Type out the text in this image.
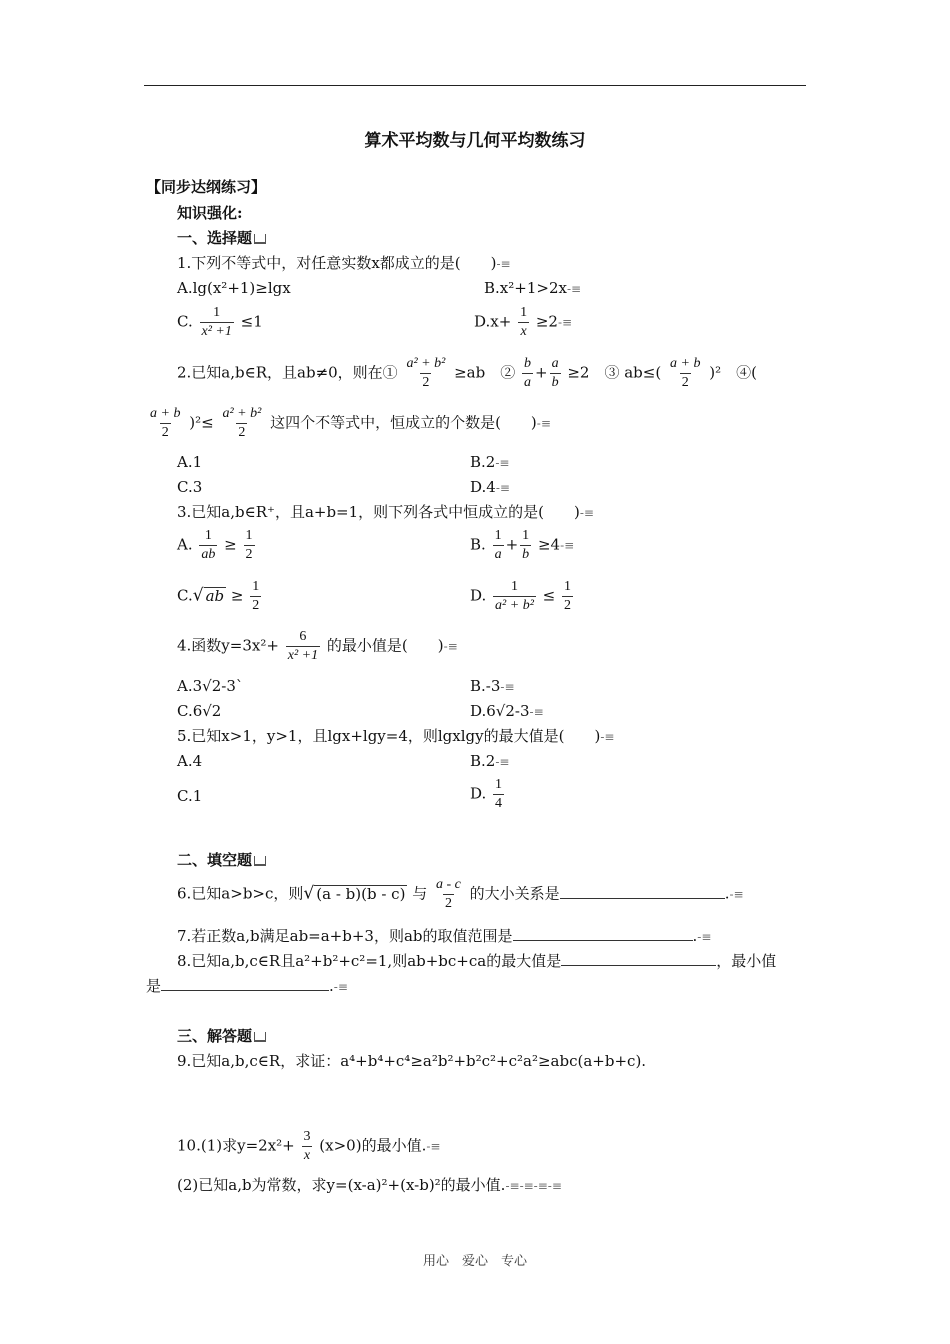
算术平均数与几何平均数练习
【同步达纲练习】
知识强化:
一、选择题
1.下列不等式中，对任意实数x都成立的是(　　)-≡
A.lg(x²+1)≥lgx	B.x²+1>2x-≡
C. $\frac{1}{\text{x² +1}} \le 1$	$D.x+ \frac{1}{x} \ge 2-\equiv$
2.已知a,b∈R，且ab≠0，则在① $\frac{\text{a² + b²}}{2} \ge ab$　② $\frac{b}{a} + \frac{a}{b} \ge 2$　③ $ab\le( \frac{a + b}{2} )^2$　④(
$\frac{a + b}{2} )^2\le \frac{\text{a² + b²}}{2}$ 这四个不等式中，恒成立的个数是(　　)-≡
A.1	B.2-≡
C.3	D.4-≡
3.已知a,b∈R⁺，且a+b=1，则下列各式中恒成立的是(　　)-≡
A. $\frac{1}{ab} \ge \frac{1}{2}$	B. $\frac{1}{a} + \frac{1}{b} \ge 4-\equiv$
C.√ ab ≥ $\frac{1}{2}$	D. $\frac{1}{\text{a² + b²}} \le \frac{1}{2}$
4.函数$y=3x^2+ \frac{6}{\text{x² +1}}$ 的最小值是(　　)-≡
A.3√2-3`	B.-3-≡
C.6√2	D.6√2-3-≡
5.已知x>1，y>1，且lgx+lgy=4，则lgxlgy的最大值是(　　)-≡
A.4	B.2-≡
C.1	D. $\frac{1}{4}$
二、填空题
6.已知a>b>c，则√ (a - b)(b - c) 与 $\frac{a - c}{2}$ 的大小关系是	.-≡
7.若正数a,b满足ab=a+b+3，则ab的取值范围是	.-≡
8.已知a,b,c∈R且a²+b²+c²=1,则ab+bc+ca的最大值是	，最小值
是	.-≡
三、解答题
9.已知a,b,c∈R，求证：a⁴+b⁴+c⁴≥a²b²+b²c²+c²a²≥abc(a+b+c).
10.(1)求$y=2x^2+ \frac{3}{x} (x>0)$的最小值.-≡
(2)已知a,b为常数，求y=(x-a)²+(x-b)²的最小值.-≡-≡-≡-≡
用心　爱心　专心
